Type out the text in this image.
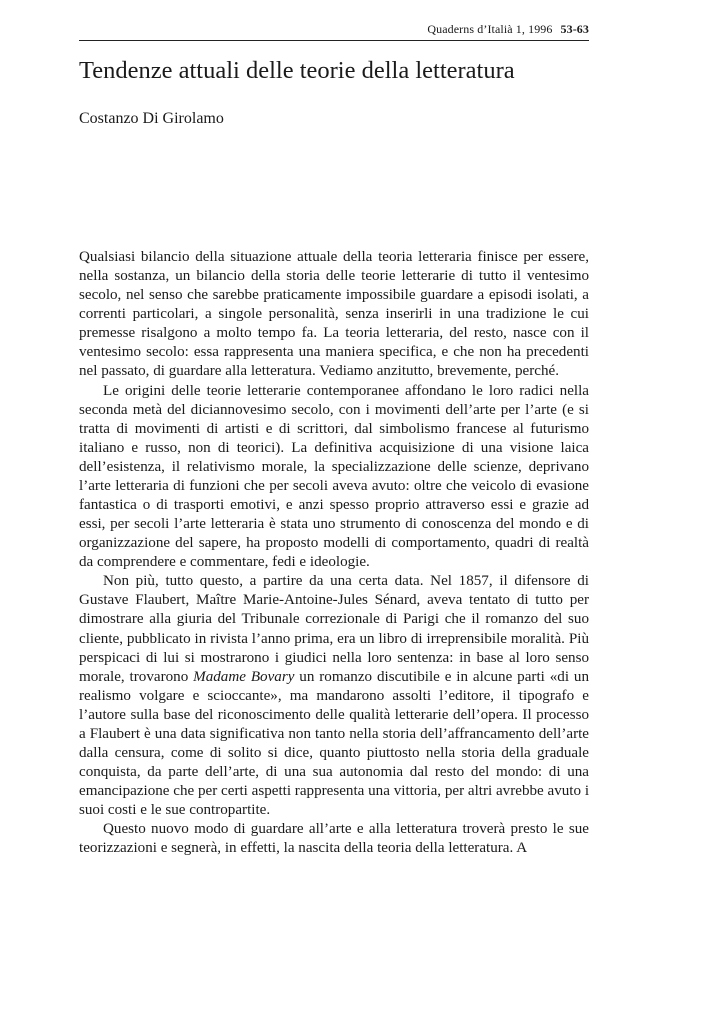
Quaderns d’Italià 1, 1996 53-63
Tendenze attuali delle teorie della letteratura

Costanzo Di Girolamo

Qualsiasi bilancio della situazione attuale della teoria letteraria finisce per essere, nella sostanza, un bilancio della storia delle teorie letterarie di tutto il ventesimo secolo, nel senso che sarebbe praticamente impossibile guardare a episodi isolati, a correnti particolari, a singole personalità, senza inserirli in una tradizione le cui premesse risalgono a molto tempo fa. La teoria letteraria, del resto, nasce con il ventesimo secolo: essa rappresenta una maniera specifica, e che non ha precedenti nel passato, di guardare alla letteratura. Vediamo anzitutto, brevemente, perché.

Le origini delle teorie letterarie contemporanee affondano le loro radici nella seconda metà del diciannovesimo secolo, con i movimenti dell’arte per l’arte (e si tratta di movimenti di artisti e di scrittori, dal simbolismo francese al futurismo italiano e russo, non di teorici). La definitiva acquisizione di una visione laica dell’esistenza, il relativismo morale, la specializzazione delle scienze, deprivano l’arte letteraria di funzioni che per secoli aveva avuto: oltre che veicolo di evasione fantastica o di trasporti emotivi, e anzi spesso proprio attraverso essi e grazie ad essi, per secoli l’arte letteraria è stata uno strumento di conoscenza del mondo e di organizzazione del sapere, ha proposto modelli di comportamento, quadri di realtà da comprendere e commentare, fedi e ideologie.

Non più, tutto questo, a partire da una certa data. Nel 1857, il difensore di Gustave Flaubert, Maître Marie-Antoine-Jules Sénard, aveva tentato di tutto per dimostrare alla giuria del Tribunale correzionale di Parigi che il romanzo del suo cliente, pubblicato in rivista l’anno prima, era un libro di irreprensibile moralità. Più perspicaci di lui si mostrarono i giudici nella loro sentenza: in base al loro senso morale, trovarono Madame Bovary un romanzo discutibile e in alcune parti «di un realismo volgare e scioccante», ma mandarono assolti l’editore, il tipografo e l’autore sulla base del riconoscimento delle qualità letterarie dell’opera. Il processo a Flaubert è una data significativa non tanto nella storia dell’affrancamento dell’arte dalla censura, come di solito si dice, quanto piuttosto nella storia della graduale conquista, da parte dell’arte, di una sua autonomia dal resto del mondo: di una emancipazione che per certi aspetti rappresenta una vittoria, per altri avrebbe avuto i suoi costi e le sue contropartite.

Questo nuovo modo di guardare all’arte e alla letteratura troverà presto le sue teorizzazioni e segnerà, in effetti, la nascita della teoria della letteratura. A
